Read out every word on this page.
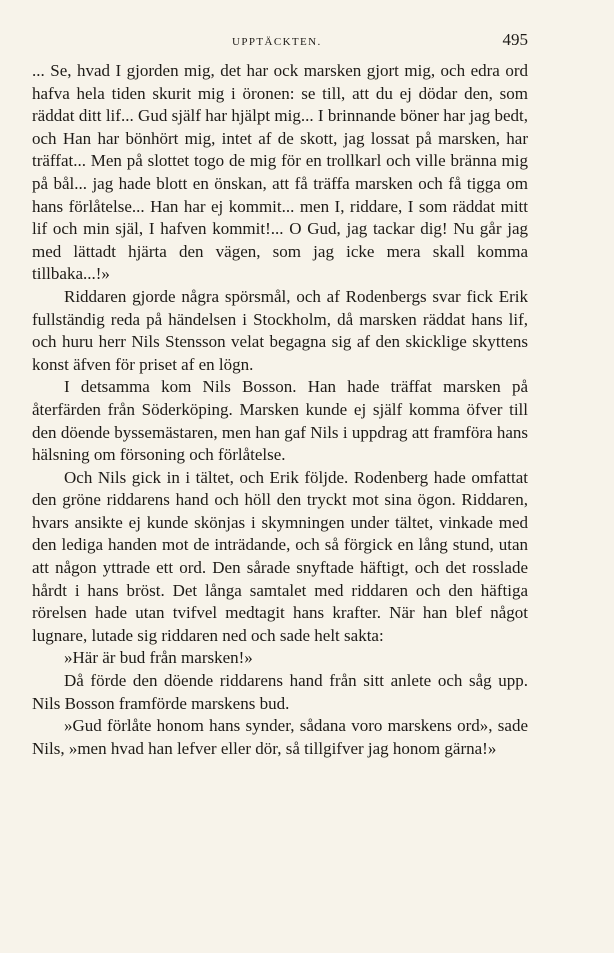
UPPTÄCKTEN.	495

... Se, hvad I gjorden mig, det har ock marsken gjort mig, och edra ord hafva hela tiden skurit mig i öronen: se till, att du ej dödar den, som räddat ditt lif... Gud själf har hjälpt mig... I brinnande böner har jag bedt, och Han har bönhört mig, intet af de skott, jag lossat på marsken, har träffat... Men på slottet togo de mig för en trollkarl och ville bränna mig på bål... jag hade blott en önskan, att få träffa marsken och få tigga om hans förlåtelse... Han har ej kommit... men I, riddare, I som räddat mitt lif och min själ, I hafven kommit!... O Gud, jag tackar dig! Nu går jag med lättadt hjärta den vägen, som jag icke mera skall komma tillbaka...!»

Riddaren gjorde några spörsmål, och af Rodenbergs svar fick Erik fullständig reda på händelsen i Stockholm, då marsken räddat hans lif, och huru herr Nils Stensson velat begagna sig af den skicklige skyttens konst äfven för priset af en lögn.

I detsamma kom Nils Bosson. Han hade träffat marsken på återfärden från Söderköping. Marsken kunde ej själf komma öfver till den döende byssemästaren, men han gaf Nils i uppdrag att framföra hans hälsning om försoning och förlåtelse.

Och Nils gick in i tältet, och Erik följde. Rodenberg hade omfattat den gröne riddarens hand och höll den tryckt mot sina ögon. Riddaren, hvars ansikte ej kunde skönjas i skymningen under tältet, vinkade med den lediga handen mot de inträdande, och så förgick en lång stund, utan att någon yttrade ett ord. Den sårade snyftade häftigt, och det rosslade hårdt i hans bröst. Det långa samtalet med riddaren och den häftiga rörelsen hade utan tvifvel medtagit hans krafter. När han blef något lugnare, lutade sig riddaren ned och sade helt sakta:

»Här är bud från marsken!»

Då förde den döende riddarens hand från sitt anlete och såg upp. Nils Bosson framförde marskens bud.

»Gud förlåte honom hans synder, sådana voro marskens ord», sade Nils, »men hvad han lefver eller dör, så tillgifver jag honom gärna!»
